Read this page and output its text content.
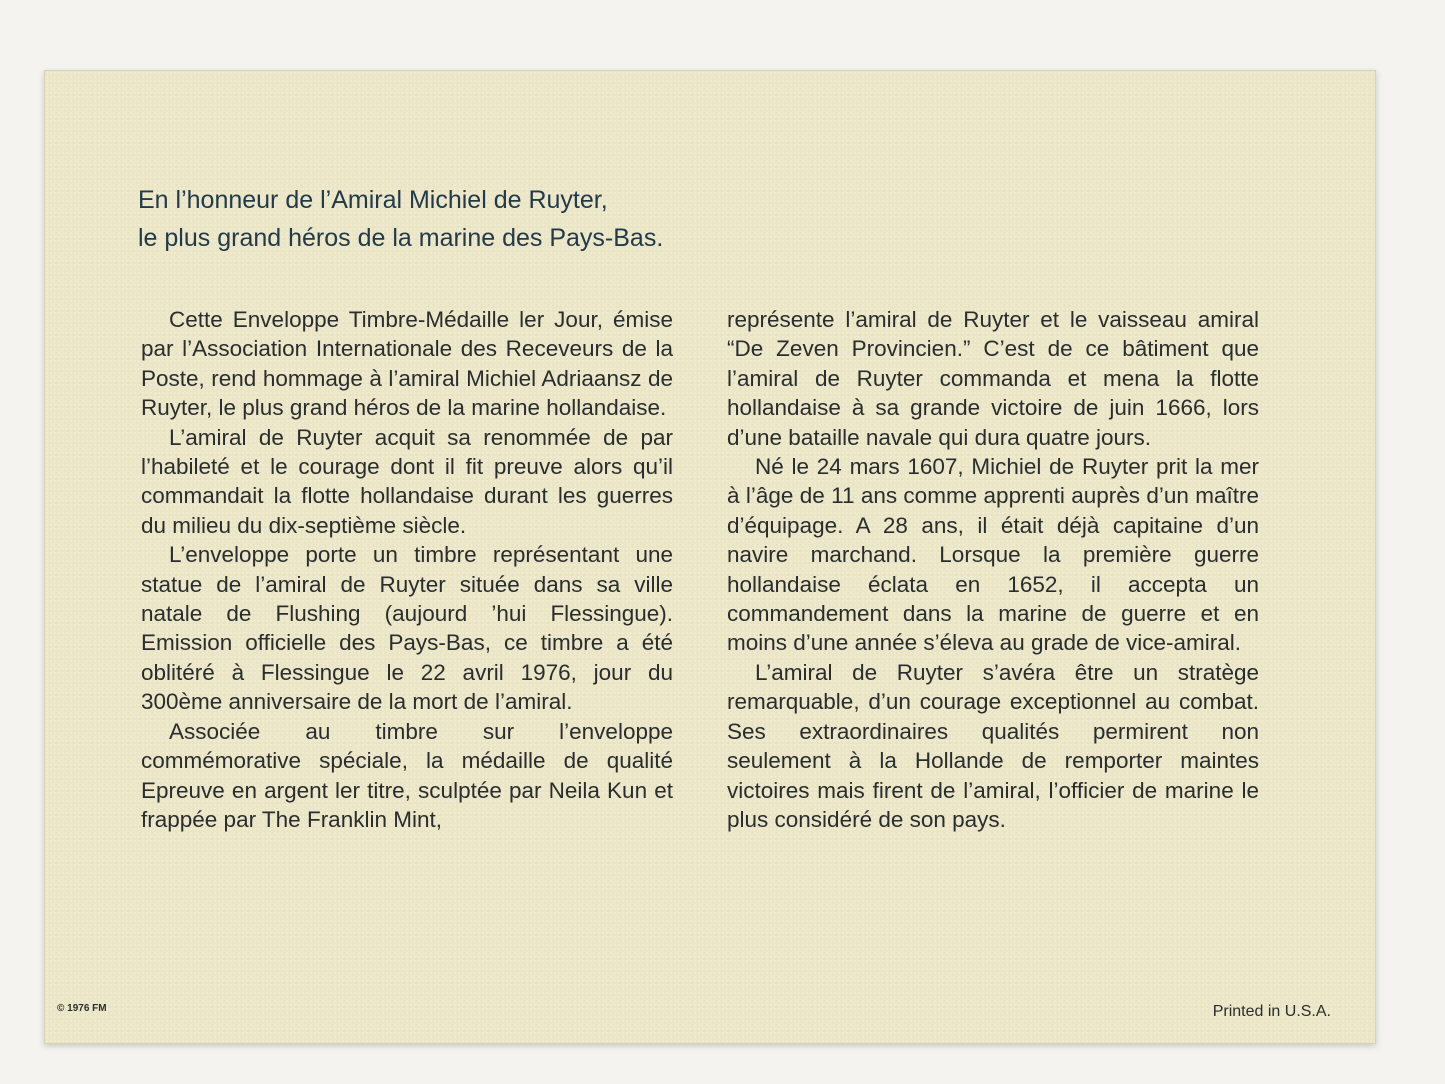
En l’honneur de l’Amiral Michiel de Ruyter,
le plus grand héros de la marine des Pays-Bas.

Cette Enveloppe Timbre-Médaille ler Jour, émise par l’Association Internationale des Receveurs de la Poste, rend hommage à l’amiral Michiel Adriaansz de Ruyter, le plus grand héros de la marine hollandaise.

L’amiral de Ruyter acquit sa renommée de par l’habileté et le courage dont il fit preuve alors qu’il commandait la flotte hollandaise durant les guerres du milieu du dix-septième siècle.

L’enveloppe porte un timbre représentant une statue de l’amiral de Ruyter située dans sa ville natale de Flushing (aujourd ’hui Flessingue). Emission officielle des Pays-Bas, ce timbre a été oblitéré à Flessingue le 22 avril 1976, jour du 300ème anniversaire de la mort de l’amiral.

Associée au timbre sur l’enveloppe commémorative spéciale, la médaille de qualité Epreuve en argent ler titre, sculptée par Neila Kun et frappée par The Franklin Mint,

représente l’amiral de Ruyter et le vaisseau amiral “De Zeven Provincien.” C’est de ce bâtiment que l’amiral de Ruyter commanda et mena la flotte hollandaise à sa grande victoire de juin 1666, lors d’une bataille navale qui dura quatre jours.

Né le 24 mars 1607, Michiel de Ruyter prit la mer à l’âge de 11 ans comme apprenti auprès d’un maître d’équipage. A 28 ans, il était déjà capitaine d’un navire marchand. Lorsque la première guerre hollandaise éclata en 1652, il accepta un commandement dans la marine de guerre et en moins d’une année s’éleva au grade de vice-amiral.

L’amiral de Ruyter s’avéra être un stratège remarquable, d’un courage exceptionnel au combat. Ses extraordinaires qualités permirent non seulement à la Hollande de remporter maintes victoires mais firent de l’amiral, l’officier de marine le plus considéré de son pays.

© 1976 FM	Printed in U.S.A.
